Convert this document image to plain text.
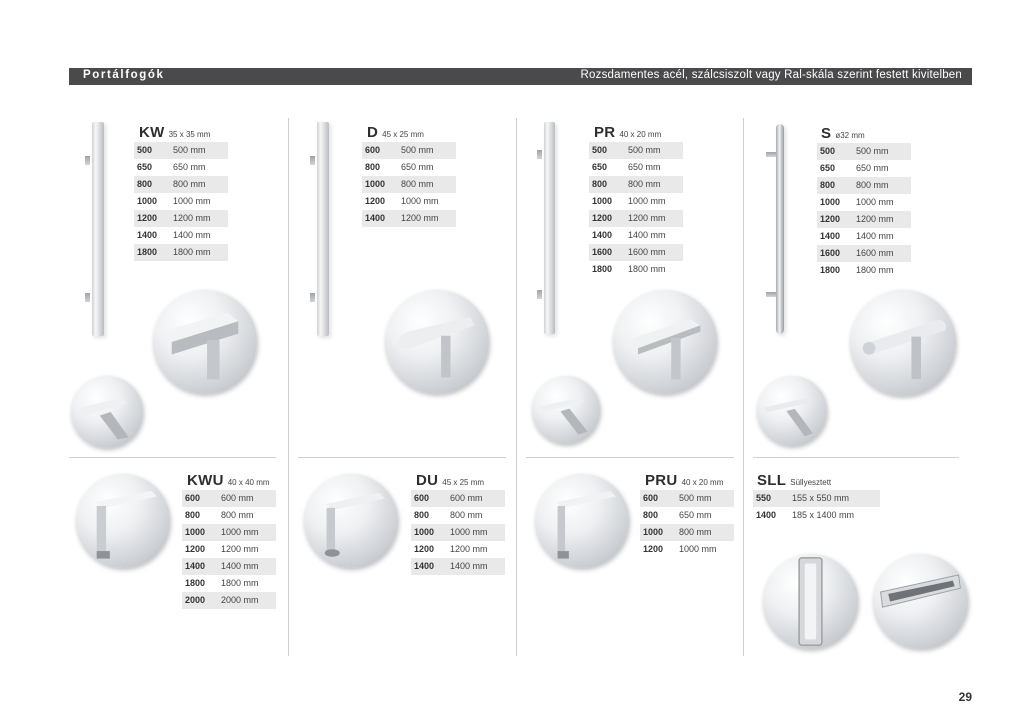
Portálfogók	Rozsdamentes acél, szálcsiszolt vagy Ral-skála szerint festett kivitelben
KW 35 x 35 mm
500	500 mm
650	650 mm
800	800 mm
1000	1000 mm
1200	1200 mm
1400	1400 mm
1800	1800 mm
D 45 x 25 mm
600	500 mm
800	650 mm
1000	800 mm
1200	1000 mm
1400	1200 mm
PR 40 x 20 mm
500	500 mm
650	650 mm
800	800 mm
1000	1000 mm
1200	1200 mm
1400	1400 mm
1600	1600 mm
1800	1800 mm
Sø32 mm
500	500 mm
650	650 mm
800	800 mm
1000	1000 mm
1200	1200 mm
1400	1400 mm
1600	1600 mm
1800	1800 mm
KWU 40 x 40 mm
600	600 mm
800	800 mm
1000	1000 mm
1200	1200 mm
1400	1400 mm
1800	1800 mm
2000	2000 mm
DU 45 x 25 mm
600	600 mm
800	800 mm
1000	1000 mm
1200	1200 mm
1400	1400 mm
PRU 40 x 20 mm
600	500 mm
800	650 mm
1000	800 mm
1200	1000 mm
SLL Süllyesztett
550	155 x 550 mm
1400	185 x 1400 mm
29
